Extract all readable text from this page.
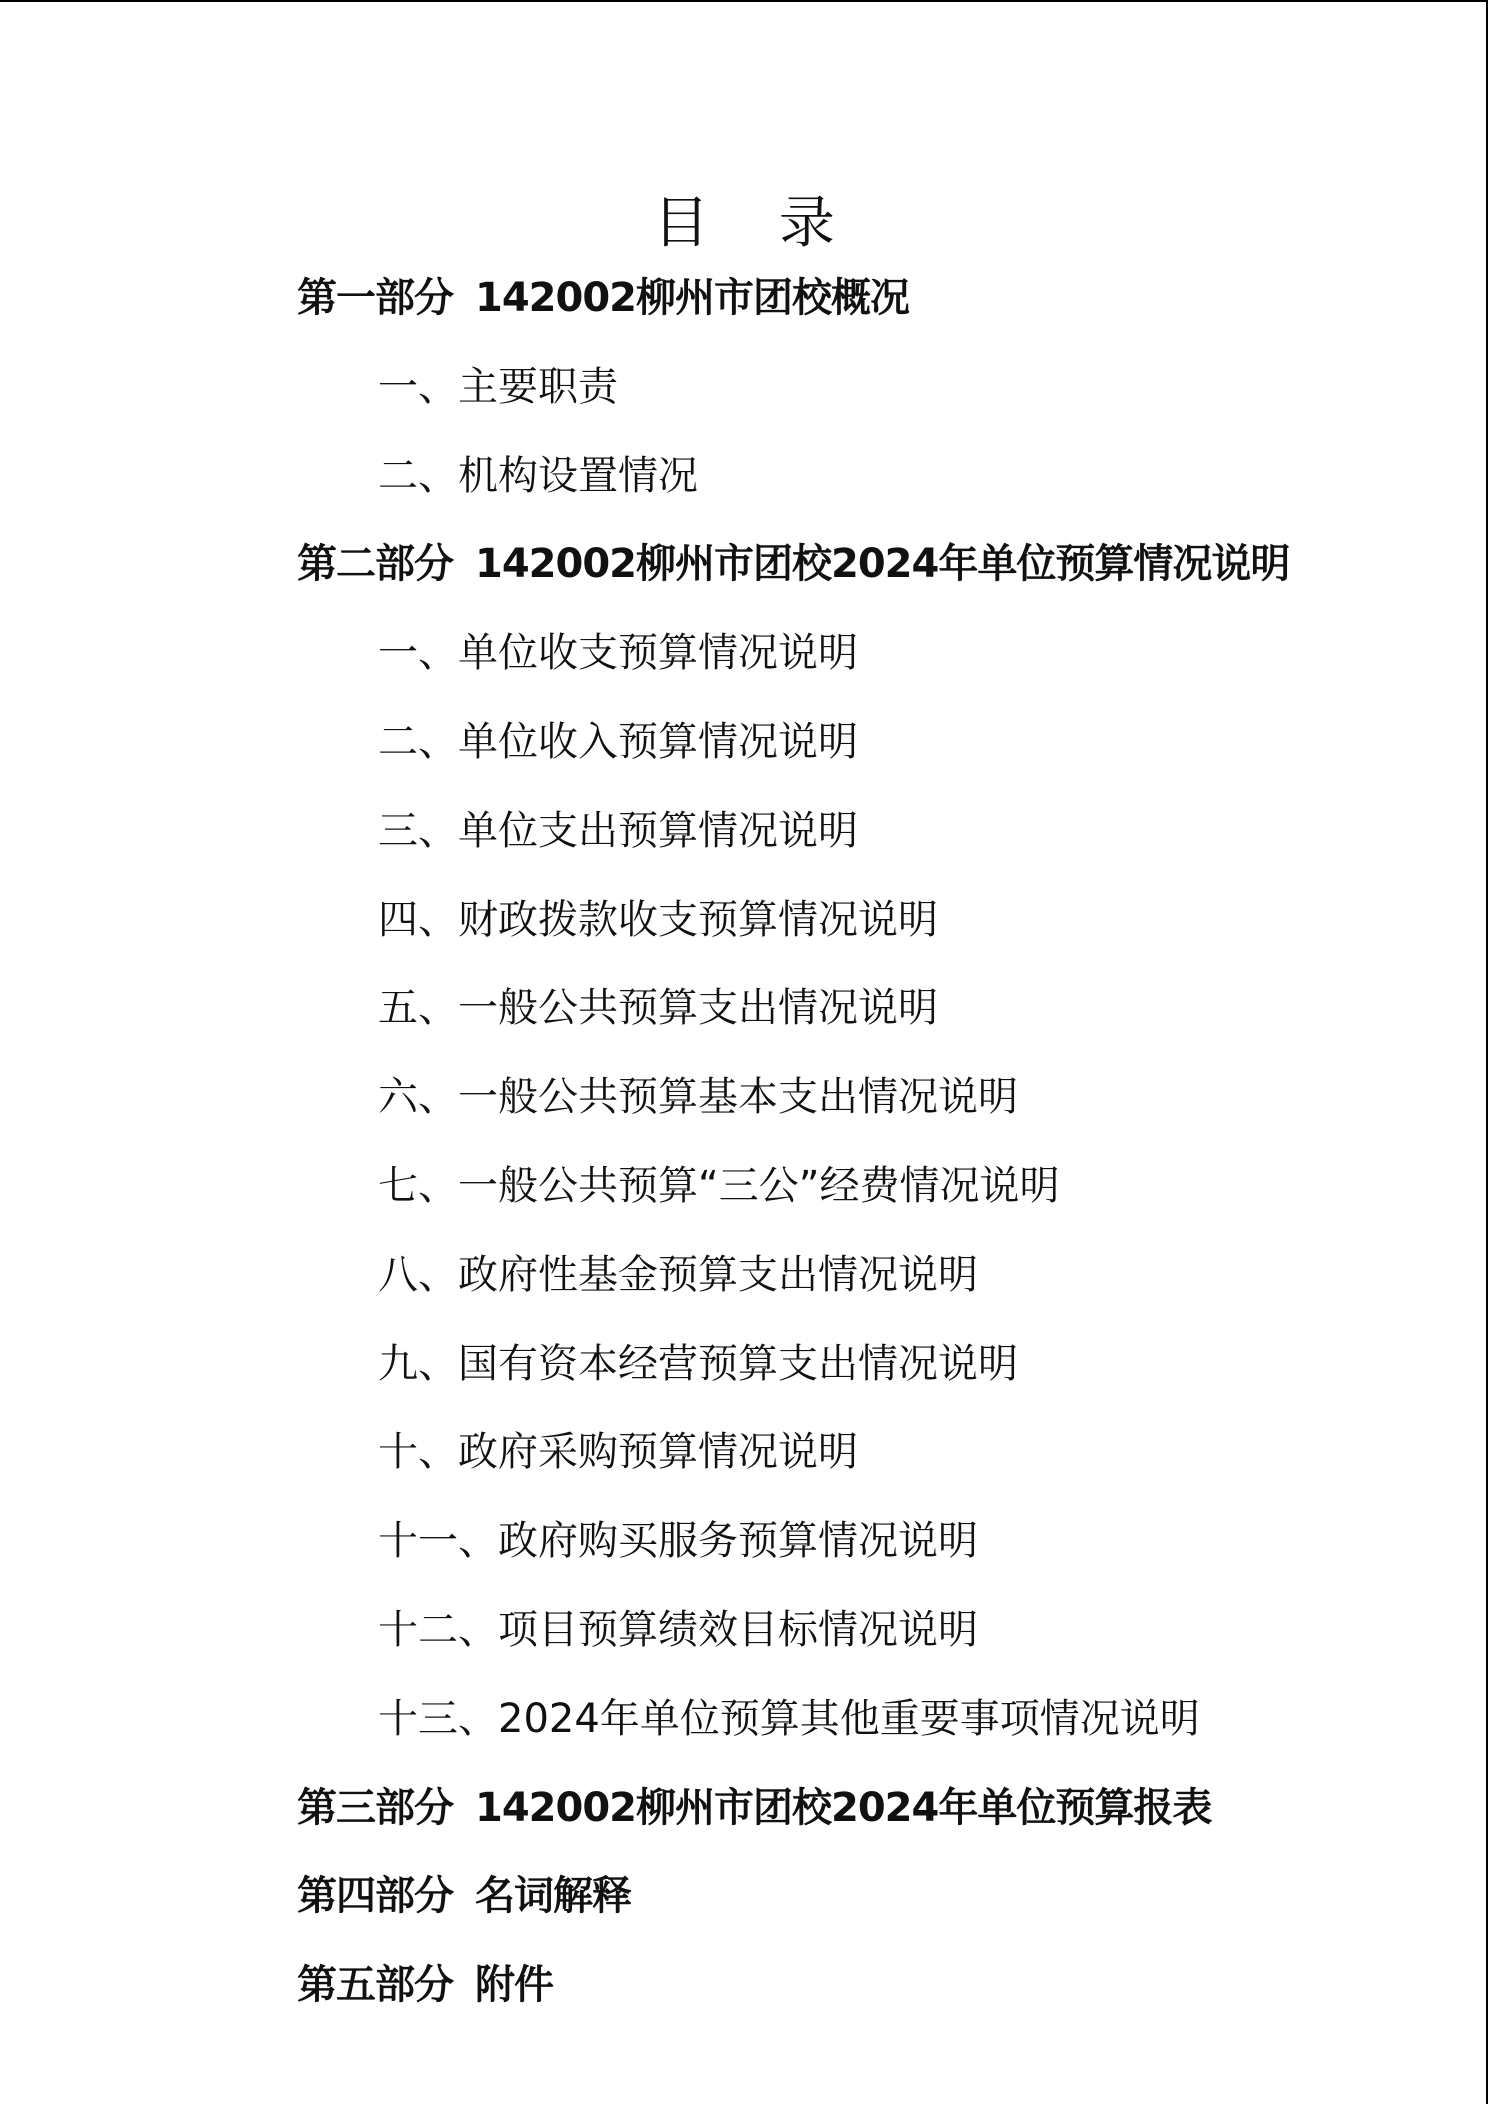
目 录
第一部分 142002柳州市团校概况
一、主要职责
二、机构设置情况
第二部分 142002柳州市团校2024年单位预算情况说明
一、单位收支预算情况说明
二、单位收入预算情况说明
三、单位支出预算情况说明
四、财政拨款收支预算情况说明
五、一般公共预算支出情况说明
六、一般公共预算基本支出情况说明
七、一般公共预算“三公”经费情况说明
八、政府性基金预算支出情况说明
九、国有资本经营预算支出情况说明
十、政府采购预算情况说明
十一、政府购买服务预算情况说明
十二、项目预算绩效目标情况说明
十三、2024年单位预算其他重要事项情况说明
第三部分 142002柳州市团校2024年单位预算报表
第四部分 名词解释
第五部分 附件
